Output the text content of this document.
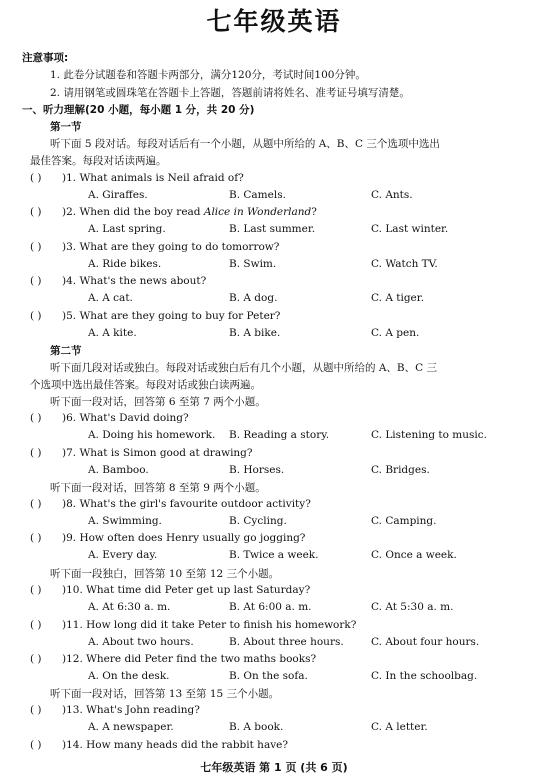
七年级英语
注意事项:
1. 此卷分试题卷和答题卡两部分，满分120分，考试时间100分钟。
2. 请用钢笔或圆珠笔在答题卡上答题，答题前请将姓名、准考证号填写清楚。
一、听力理解(20 小题，每小题 1 分，共 20 分)
第一节
听下面 5 段对话。每段对话后有一个小题，从题中所给的 A、B、C 三个选项中选出
最佳答案。每段对话读两遍。
( ) )1. What animals is Neil afraid of?
A. Giraffes.	B. Camels.	C. Ants.
( ) )2. When did the boy read Alice in Wonderland?
A. Last spring.	B. Last summer.	C. Last winter.
( ) )3. What are they going to do tomorrow?
A. Ride bikes.	B. Swim.	C. Watch TV.
( ) )4. What's the news about?
A. A cat.	B. A dog.	C. A tiger.
( ) )5. What are they going to buy for Peter?
A. A kite.	B. A bike.	C. A pen.
第二节
听下面几段对话或独白。每段对话或独白后有几个小题，从题中所给的 A、B、C 三
个选项中选出最佳答案。每段对话或独白读两遍。
听下面一段对话，回答第 6 至第 7 两个小题。
( ) )6. What's David doing?
A. Doing his homework. B. Reading a story.	C. Listening to music.
( ) )7. What is Simon good at drawing?
A. Bamboo.	B. Horses.	C. Bridges.
听下面一段对话，回答第 8 至第 9 两个小题。
( ) )8. What's the girl's favourite outdoor activity?
A. Swimming.	B. Cycling.	C. Camping.
( ) )9. How often does Henry usually go jogging?
A. Every day.	B. Twice a week.	C. Once a week.
听下面一段独白，回答第 10 至第 12 三个小题。
( ) )10. What time did Peter get up last Saturday?
A. At 6:30 a. m.	B. At 6:00 a. m.	C. At 5:30 a. m.
( ) )11. How long did it take Peter to finish his homework?
A. About two hours.	B. About three hours.	C. About four hours.
( ) )12. Where did Peter find the two maths books?
A. On the desk.	B. On the sofa.	C. In the schoolbag.
听下面一段对话，回答第 13 至第 15 三个小题。
( ) )13. What's John reading?
A. A newspaper.	B. A book.	C. A letter.
( ) )14. How many heads did the rabbit have?
七年级英语 第 1 页 (共 6 页)
